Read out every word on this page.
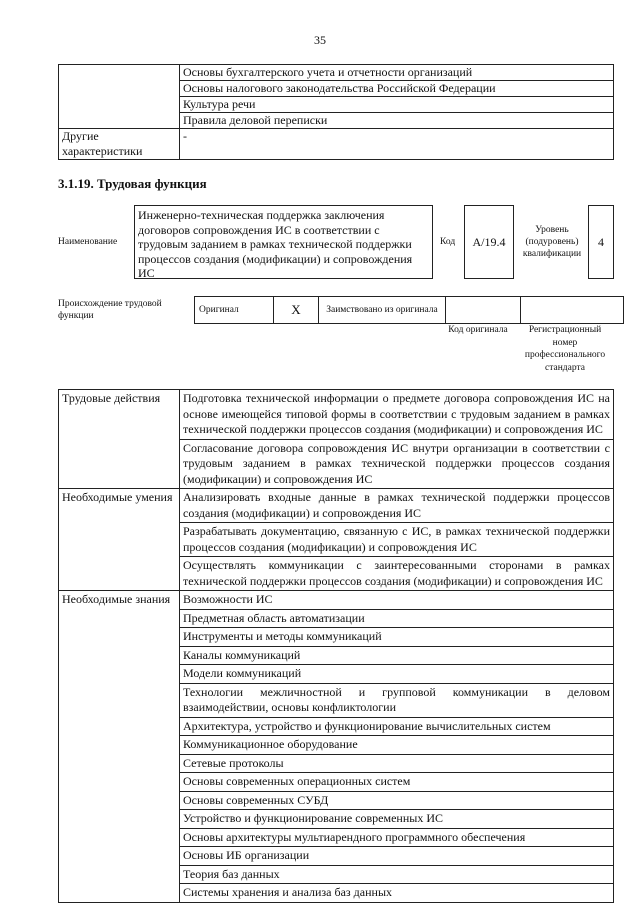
35
	Основы бухгалтерского учета и отчетности организаций
	Основы налогового законодательства Российской Федерации
	Культура речи
	Правила деловой переписки
Другие характеристики	-
3.1.19. Трудовая функция
Наименование
Инженерно-техническая поддержка заключения договоров сопровождения ИС в соответствии с трудовым заданием в рамках технической поддержки процессов создания (модификации) и сопровождения ИС
Код	А/19.4
Уровень (подуровень) квалификации
4
Происхождение трудовой функции
Оригинал	X	Заимствовано из оригинала		
Код оригинала	Регистрационный номер профессионального стандарта
Трудовые действия	Подготовка технической информации о предмете договора сопровождения ИС на основе имеющейся типовой формы в соответствии с трудовым заданием в рамках технической поддержки процессов создания (модификации) и сопровождения ИС
	Согласование договора сопровождения ИС внутри организации в соответствии с трудовым заданием в рамках технической поддержки процессов создания (модификации) и сопровождения ИС
Необходимые умения	Анализировать входные данные в рамках технической поддержки процессов создания (модификации) и сопровождения ИС
	Разрабатывать документацию, связанную с ИС, в рамках технической поддержки процессов создания (модификации) и сопровождения ИС
	Осуществлять коммуникации с заинтересованными сторонами в рамках технической поддержки процессов создания (модификации) и сопровождения ИС
Необходимые знания	Возможности ИС
	Предметная область автоматизации
	Инструменты и методы коммуникаций
	Каналы коммуникаций
	Модели коммуникаций
	Технологии межличностной и групповой коммуникации в деловом взаимодействии, основы конфликтологии
	Архитектура, устройство и функционирование вычислительных систем
	Коммуникационное оборудование
	Сетевые протоколы
	Основы современных операционных систем
	Основы современных СУБД
	Устройство и функционирование современных ИС
	Основы архитектуры мультиарендного программного обеспечения
	Основы ИБ организации
	Теория баз данных
	Системы хранения и анализа баз данных
